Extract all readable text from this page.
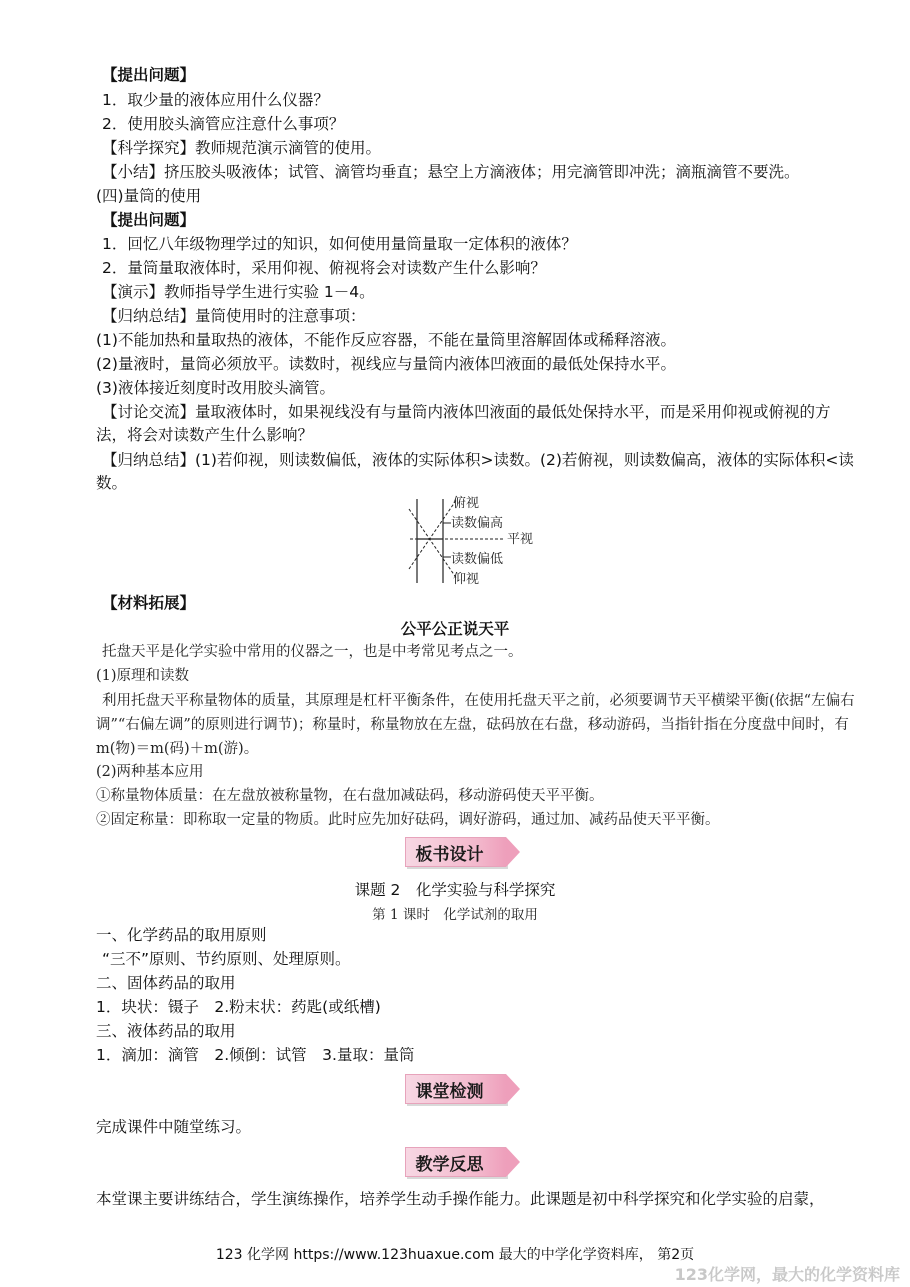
【提出问题】
1．取少量的液体应用什么仪器？
2．使用胶头滴管应注意什么事项？
【科学探究】教师规范演示滴管的使用。
【小结】挤压胶头吸液体；试管、滴管均垂直；悬空上方滴液体；用完滴管即冲洗；滴瓶滴管不要洗。
(四)量筒的使用
【提出问题】
1．回忆八年级物理学过的知识，如何使用量筒量取一定体积的液体？
2．量筒量取液体时，采用仰视、俯视将会对读数产生什么影响？
【演示】教师指导学生进行实验 1－4。
【归纳总结】量筒使用时的注意事项：
(1)不能加热和量取热的液体，不能作反应容器，不能在量筒里溶解固体或稀释溶液。
(2)量液时，量筒必须放平。读数时，视线应与量筒内液体凹液面的最低处保持水平。
(3)液体接近刻度时改用胶头滴管。
【讨论交流】量取液体时，如果视线没有与量筒内液体凹液面的最低处保持水平，而是采用仰视或俯视的方法，将会对读数产生什么影响？
【归纳总结】(1)若仰视，则读数偏低，液体的实际体积>读数。(2)若俯视，则读数偏高，液体的实际体积<读数。
俯视
读数偏高
平视
读数偏低
仰视
【材料拓展】
公平公正说天平
托盘天平是化学实验中常用的仪器之一，也是中考常见考点之一。
(1)原理和读数
利用托盘天平称量物体的质量，其原理是杠杆平衡条件，在使用托盘天平之前，必须要调节天平横梁平衡(依据“左偏右调”“右偏左调”的原则进行调节)；称量时，称量物放在左盘，砝码放在右盘，移动游码，当指针指在分度盘中间时，有 m(物)＝m(码)＋m(游)。
(2)两种基本应用
①称量物体质量：在左盘放被称量物，在右盘加减砝码，移动游码使天平平衡。
②固定称量：即称取一定量的物质。此时应先加好砝码，调好游码，通过加、减药品使天平平衡。
板书设计
课题 2　化学实验与科学探究
第 1 课时　化学试剂的取用
一、化学药品的取用原则
“三不”原则、节约原则、处理原则。
二、固体药品的取用
1．块状：镊子　2.粉末状：药匙(或纸槽)
三、液体药品的取用
1．滴加：滴管　2.倾倒：试管　3.量取：量筒
课堂检测
完成课件中随堂练习。
教学反思
本堂课主要讲练结合，学生演练操作，培养学生动手操作能力。此课题是初中科学探究和化学实验的启蒙，
123 化学网 https://www.123huaxue.com 最大的中学化学资料库， 第2页
123化学网，最大的化学资料库
